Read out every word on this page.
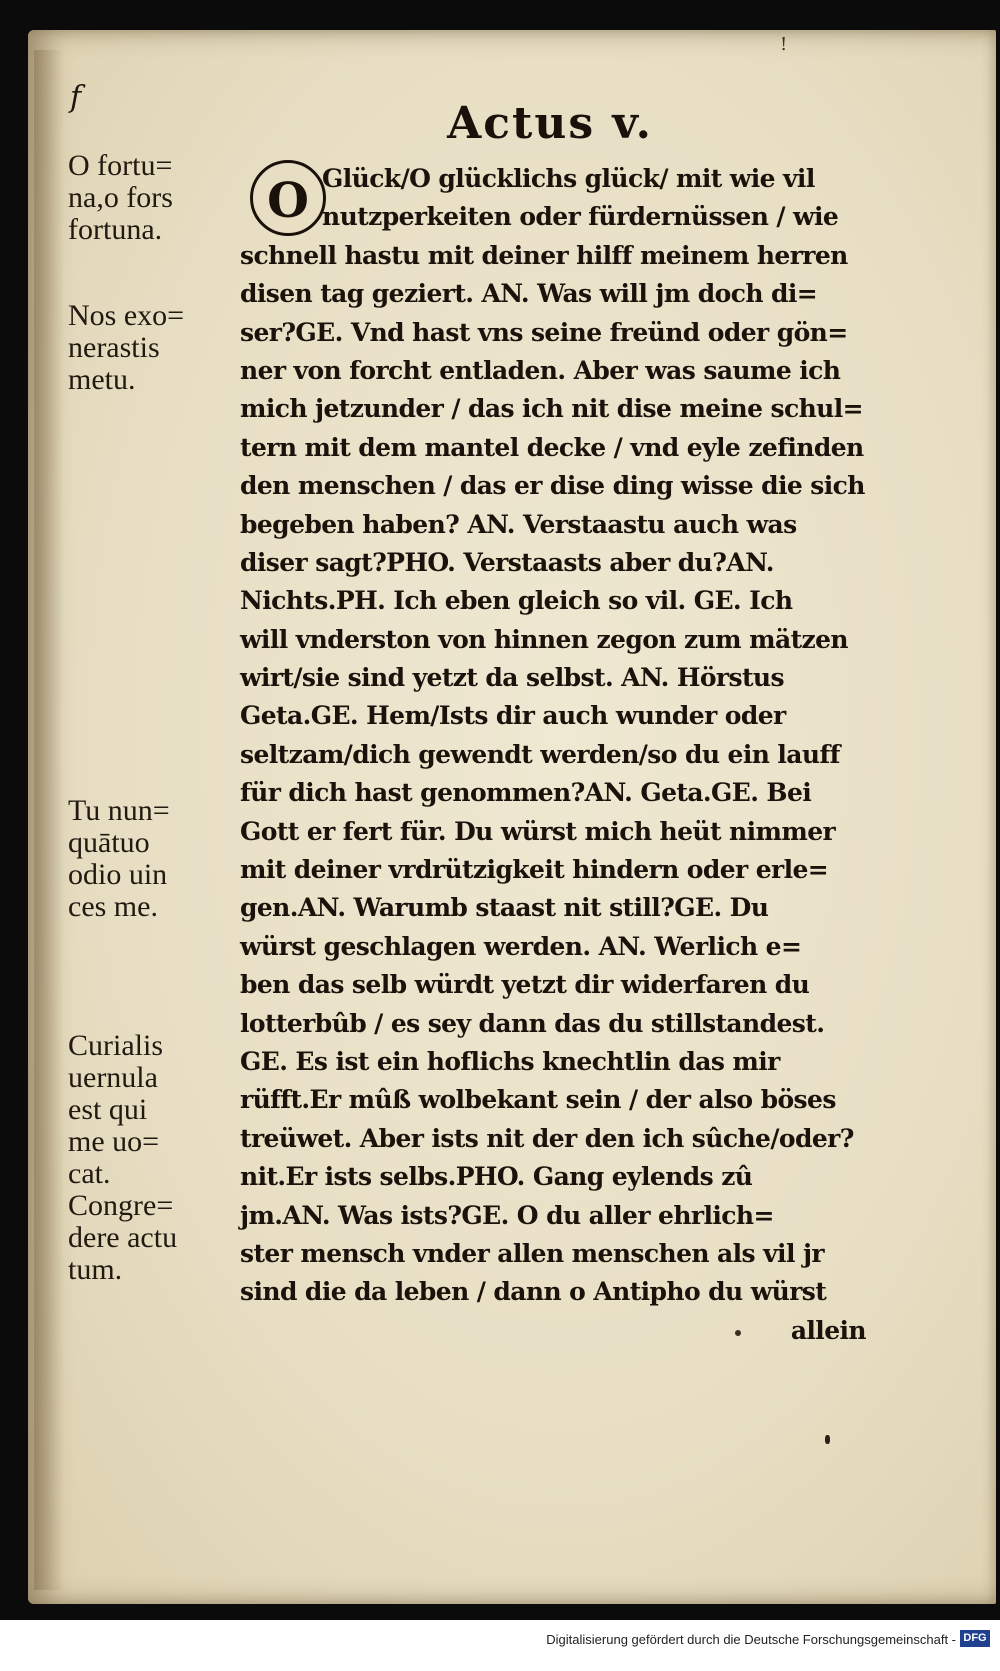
!
f
Actus v.
O fortu=
na,o fors
fortuna.
Nos exo=
nerastis
metu.
Tu nun=
quātuo
odio uin
ces me.
Curialis
uernula
est qui
me uo=
cat.
Congre=
dere actu
tum.
O Glück/O glücklichs glück/ mit wie vil
nutzperkeiten oder fürdernüssen / wie
schnell hastu mit deiner hilff meinem herren
disen tag geziert. AN. Was will jm doch di=
ser?GE. Vnd hast vns seine freünd oder gön=
ner von forcht entladen. Aber was saume ich
mich jetzunder / das ich nit dise meine schul=
tern mit dem mantel decke / vnd eyle zefinden
den menschen / das er dise ding wisse die sich
begeben haben? AN. Verstaastu auch was
diser sagt?PHO. Verstaasts aber du?AN.
Nichts.PH. Ich eben gleich so vil. GE. Ich
will vnderston von hinnen zegon zum mätzen
wirt/sie sind yetzt da selbst. AN. Hörstus
Geta.GE. Hem/Ists dir auch wunder oder
seltzam/dich gewendt werden/so du ein lauff
für dich hast genommen?AN. Geta.GE. Bei
Gott er fert für. Du würst mich heüt nimmer
mit deiner vrdrützigkeit hindern oder erle=
gen.AN. Warumb staast nit still?GE. Du
würst geschlagen werden. AN. Werlich e=
ben das selb würdt yetzt dir widerfaren du
lotterbûb / es sey dann das du stillstandest.
GE. Es ist ein hoflichs knechtlin das mir
rüfft.Er mûß wolbekant sein / der also böses
treüwet. Aber ists nit der den ich sûche/oder?
nit.Er ists selbs.PHO. Gang eylends zû
jm.AN. Was ists?GE. O du aller ehrlich=
ster mensch vnder allen menschen als vil jr
sind die da leben / dann o Antipho du würst
allein
Digitalisierung gefördert durch die Deutsche Forschungsgemeinschaft - DFG
